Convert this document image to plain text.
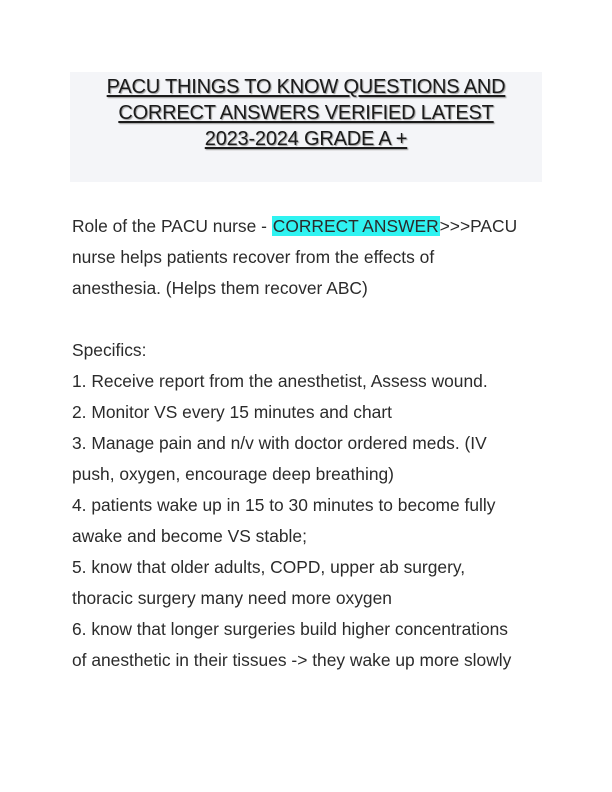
PACU THINGS TO KNOW QUESTIONS AND
CORRECT ANSWERS VERIFIED LATEST
2023-2024 GRADE A +
Role of the PACU nurse - CORRECT ANSWER>>>PACU
nurse helps patients recover from the effects of
anesthesia. (Helps them recover ABC)
Specifics:
1. Receive report from the anesthetist, Assess wound.
2. Monitor VS every 15 minutes and chart
3. Manage pain and n/v with doctor ordered meds. (IV
push, oxygen, encourage deep breathing)
4. patients wake up in 15 to 30 minutes to become fully
awake and become VS stable;
5. know that older adults, COPD, upper ab surgery,
thoracic surgery many need more oxygen
6. know that longer surgeries build higher concentrations
of anesthetic in their tissues -> they wake up more slowly
